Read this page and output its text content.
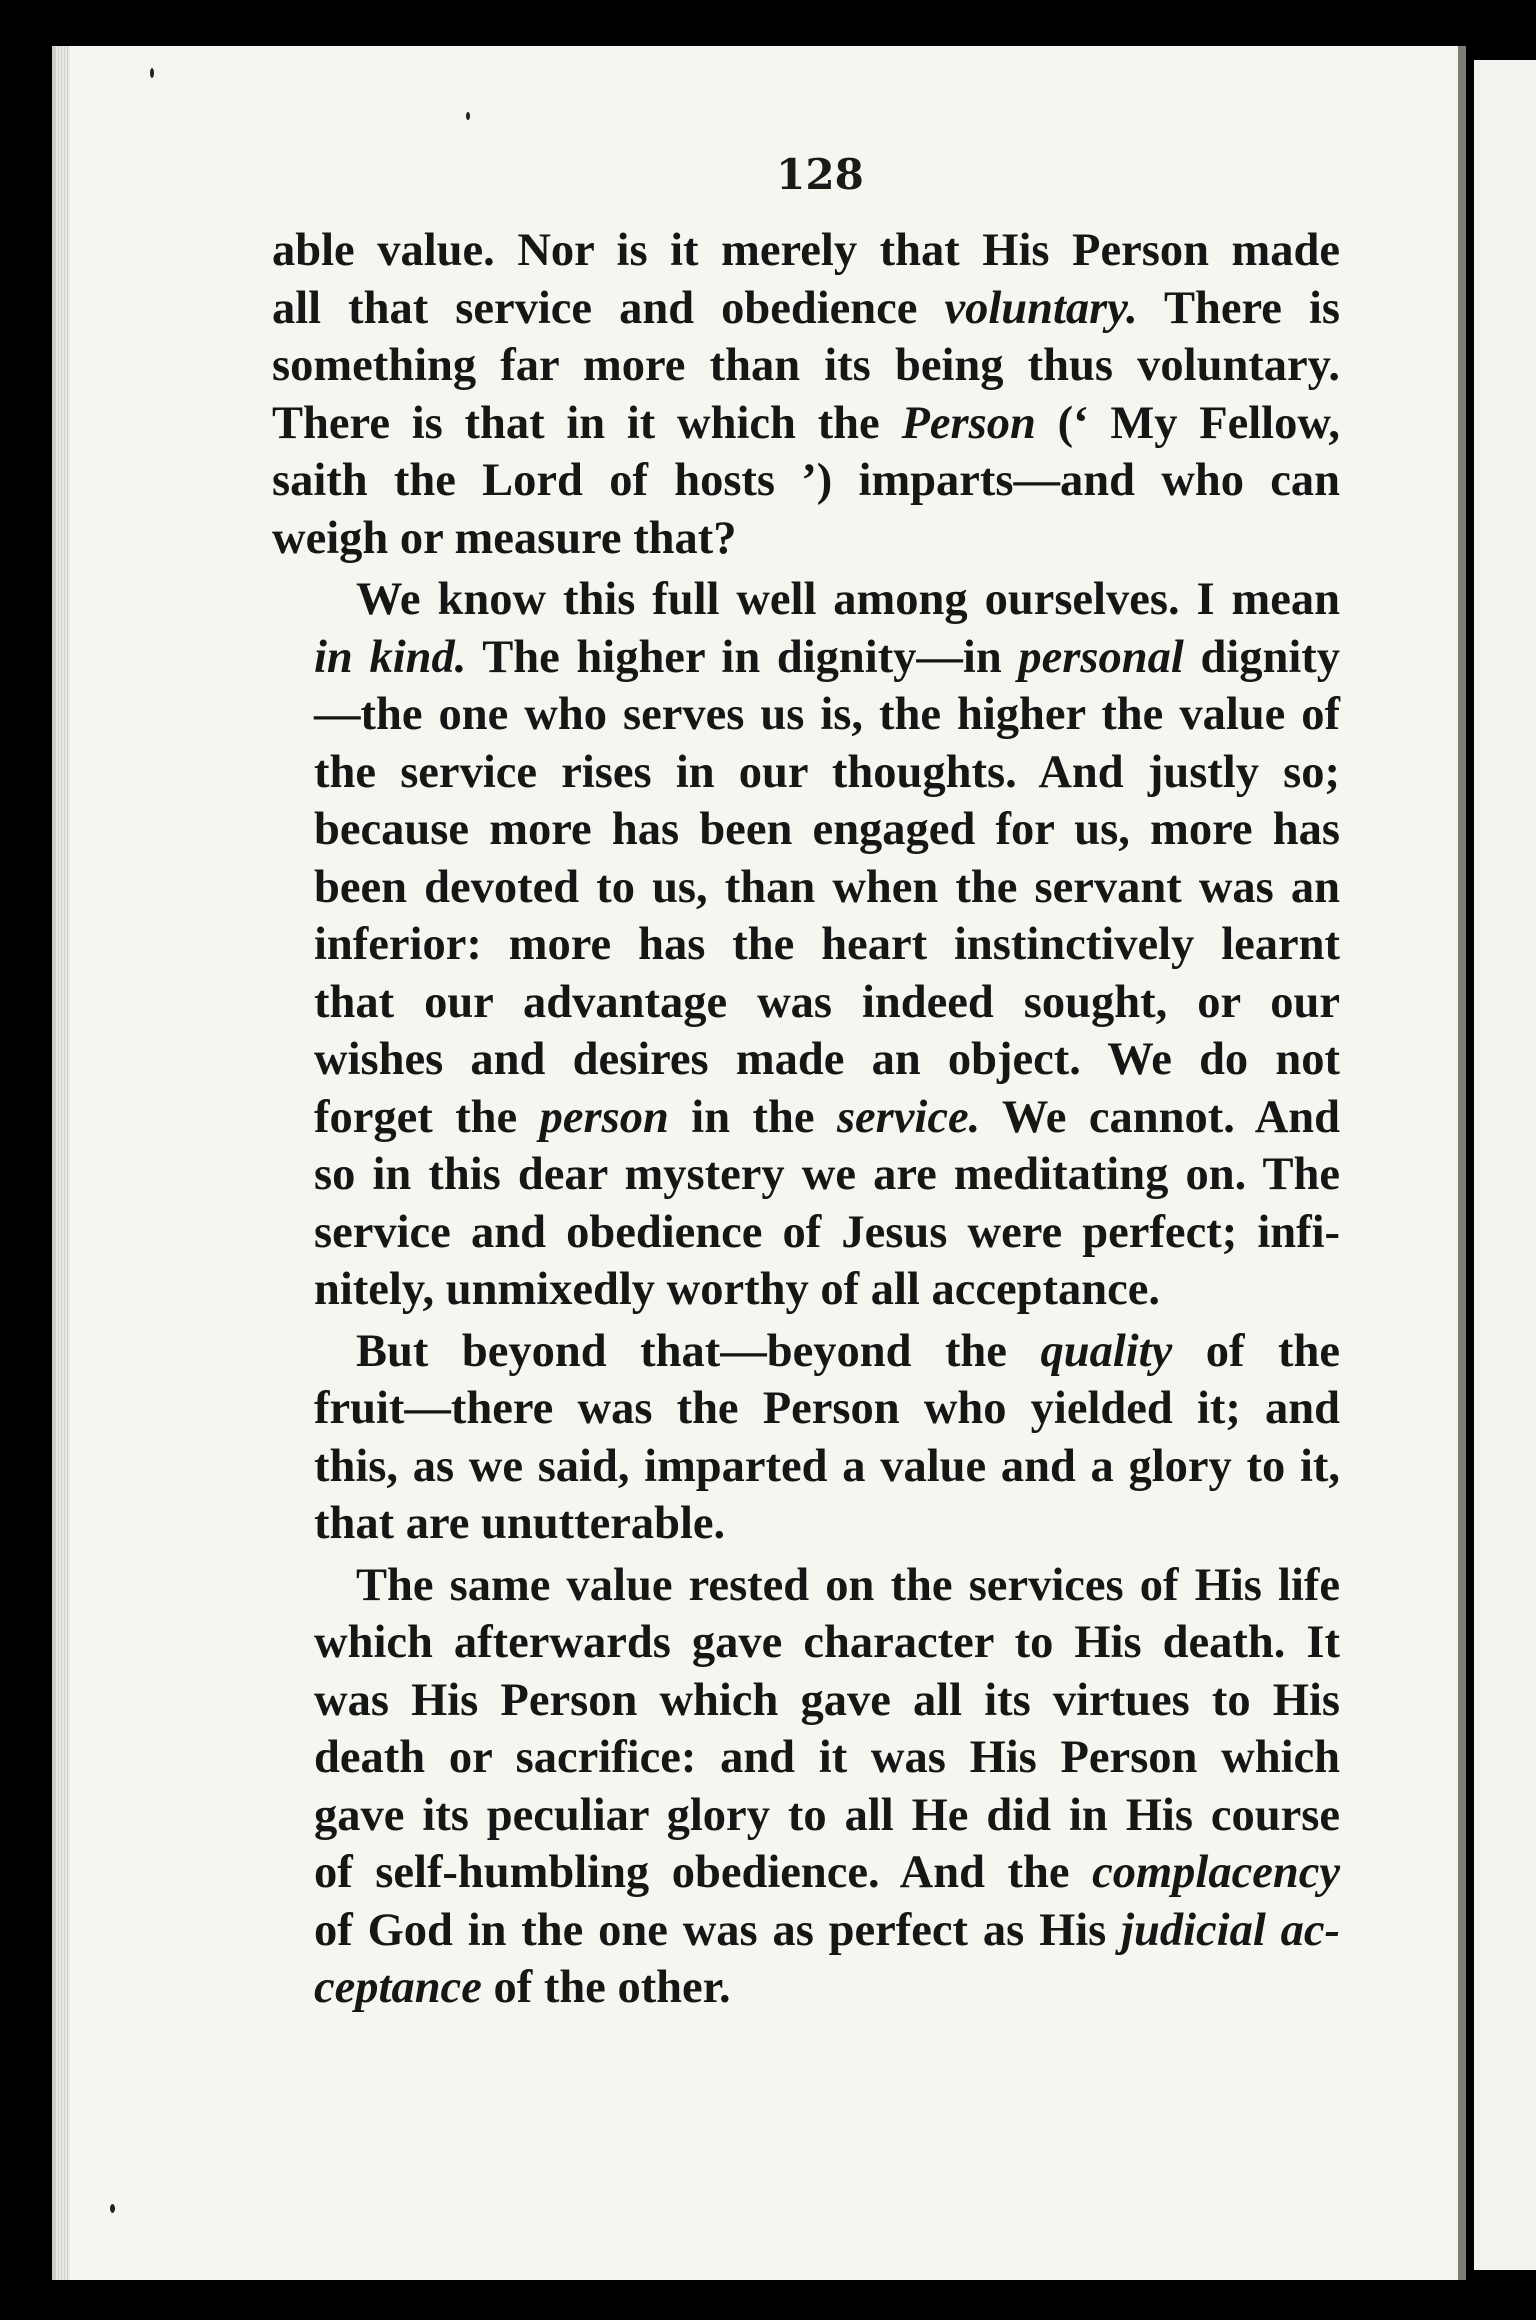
128

able value. Nor is it merely that His Person made
all that service and obedience voluntary. There is
something far more than its being thus voluntary.
There is that in it which the Person (‘ My Fellow,
saith the Lord of hosts ’) imparts—and who can
weigh or measure that?
We know this full well among ourselves. I mean
in kind. The higher in dignity—in personal dignity
—the one who serves us is, the higher the value of
the service rises in our thoughts. And justly so;
because more has been engaged for us, more has
been devoted to us, than when the servant was an
inferior: more has the heart instinctively learnt
that our advantage was indeed sought, or our
wishes and desires made an object. We do not
forget the person in the service. We cannot. And
so in this dear mystery we are meditating on. The
service and obedience of Jesus were perfect; infi-
nitely, unmixedly worthy of all acceptance.
But beyond that—beyond the quality of the
fruit—there was the Person who yielded it; and
this, as we said, imparted a value and a glory to it,
that are unutterable.
The same value rested on the services of His life
which afterwards gave character to His death. It
was His Person which gave all its virtues to His
death or sacrifice: and it was His Person which
gave its peculiar glory to all He did in His course
of self-humbling obedience. And the complacency
of God in the one was as perfect as His judicial ac-
ceptance of the other.
